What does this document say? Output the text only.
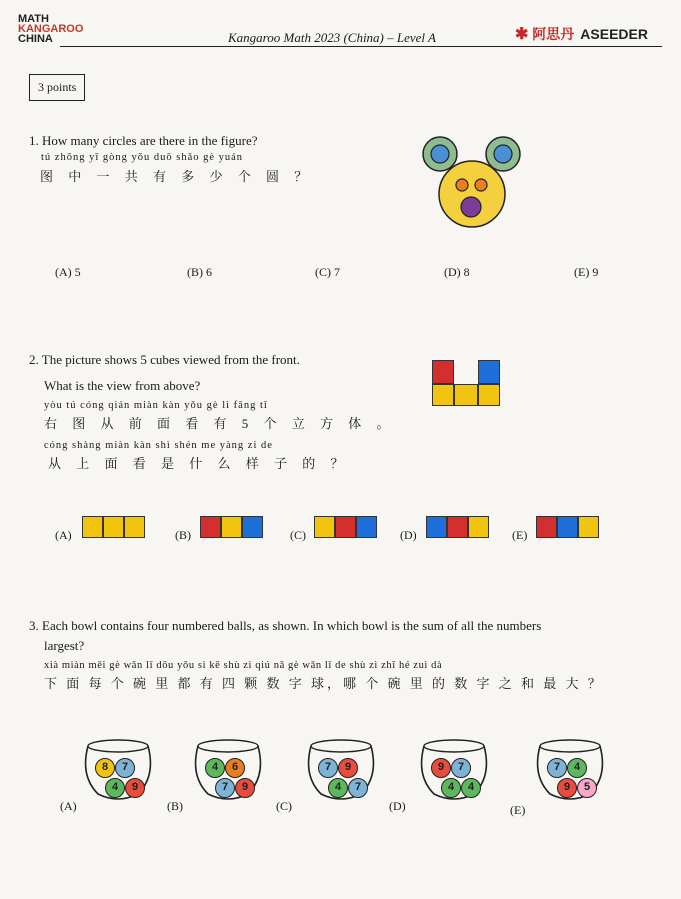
MATH
KANGAROO
CHINA	Kangaroo Math 2023 (China) – Level A	✱ 阿思丹 ASEEDER
3 points
1. How many circles are there in the figure?
tú zhōng yī gòng yǒu duō shǎo gè yuán
图 中 一 共 有 多 少 个 圆 ？
(A) 5	(B) 6	(C) 7	(D) 8	(E) 9
2. The picture shows 5 cubes viewed from the front.
What is the view from above?
yòu tú cóng qián miàn kàn yǒu gè lì fāng tǐ
右 图 从 前 面 看 有 5 个 立 方 体 。
cóng shàng miàn kàn shì shén me yàng zi de
从 上 面 看 是 什 么 样 子 的 ？
(A)	(B)	(C)	(D)	(E)
3. Each bowl contains four numbered balls, as shown. In which bowl is the sum of all the numbers
largest?
xià miàn měi gè wǎn lǐ dōu yǒu sì kē shù zì qiú nǎ gè wǎn lǐ de shù zì zhī hé zuì dà
下 面 每 个 碗 里 都 有 四 颗 数 字 球，哪 个 碗 里 的 数 字 之 和 最 大 ？
(A)	(B)	(C)	(D)	(E)
8	7
4	9
4	6
7	9
7	9
4	7
9	7
4	4
7	4
9	5
